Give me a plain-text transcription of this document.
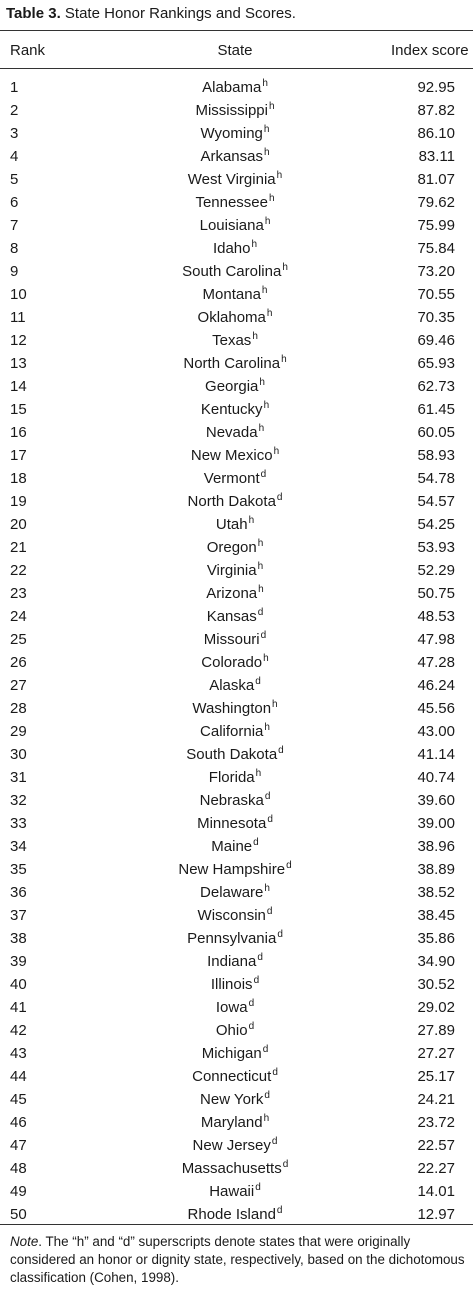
Table 3. State Honor Rankings and Scores.
Rank	State	Index score
1	Alabama$^h$	92.95
2	Mississippi$^h$	87.82
3	Wyoming$^h$	86.10
4	Arkansas$^h$	83.11
5	West Virginia$^h$	81.07
6	Tennessee$^h$	79.62
7	Louisiana$^h$	75.99
8	Idaho$^h$	75.84
9	South Carolina$^h$	73.20
10	Montana$^h$	70.55
11	Oklahoma$^h$	70.35
12	Texas$^h$	69.46
13	North Carolina$^h$	65.93
14	Georgia$^h$	62.73
15	Kentucky$^h$	61.45
16	Nevada$^h$	60.05
17	New Mexico$^h$	58.93
18	Vermont$^d$	54.78
19	North Dakota$^d$	54.57
20	Utah$^h$	54.25
21	Oregon$^h$	53.93
22	Virginia$^h$	52.29
23	Arizona$^h$	50.75
24	Kansas$^d$	48.53
25	Missouri$^d$	47.98
26	Colorado$^h$	47.28
27	Alaska$^d$	46.24
28	Washington$^h$	45.56
29	California$^h$	43.00
30	South Dakota$^d$	41.14
31	Florida$^h$	40.74
32	Nebraska$^d$	39.60
33	Minnesota$^d$	39.00
34	Maine$^d$	38.96
35	New Hampshire$^d$	38.89
36	Delaware$^h$	38.52
37	Wisconsin$^d$	38.45
38	Pennsylvania$^d$	35.86
39	Indiana$^d$	34.90
40	Illinois$^d$	30.52
41	Iowa$^d$	29.02
42	Ohio$^d$	27.89
43	Michigan$^d$	27.27
44	Connecticut$^d$	25.17
45	New York$^d$	24.21
46	Maryland$^h$	23.72
47	New Jersey$^d$	22.57
48	Massachusetts$^d$	22.27
49	Hawaii$^d$	14.01
50	Rhode Island$^d$	12.97
Note. The “h” and “d” superscripts denote states that were originally considered an honor or dignity state, respectively, based on the dichotomous classification (Cohen, 1998).
